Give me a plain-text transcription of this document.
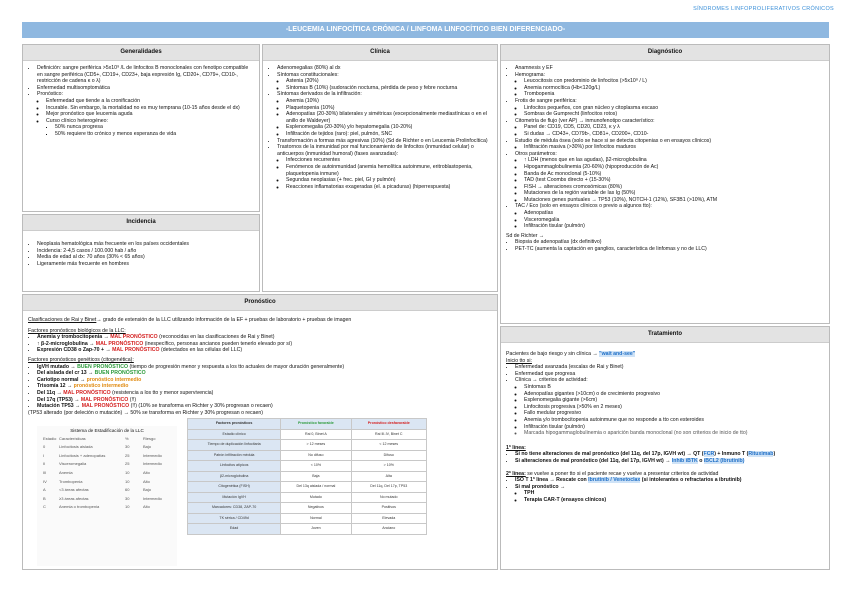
SÍNDROMES LINFOPROLIFERATIVOS CRÓNICOS
-LEUCEMIA LINFOCÍTICA CRÓNICA / LINFOMA LINFOCÍTICO BIEN DIFERENCIADO-
Generalidades
• Definición: sangre periférica >5x10⁹ /L de linfocitos B monoclonales con fenotipo compatible en sangre periférica (CD5+, CD19+, CD23+, baja expresión Ig, CD20+, CD79+, CD10-, restricción de cadena κ o λ)
• Enfermedad multisomptomática
• Pronóstico:
◦ Enfermedad que tiende a la cronificación
◦ Incurable. Sin embargo, la mortalidad no es muy temprana (10-15 años desde el dx)
◦ Mejor pronóstico que leucemia aguda
◦ Curso clínico heterogéneo:
▪ 50% nunca progresa
▪ 50% requiere tto crónico y menos esperanza de vida
Incidencia
• Neoplasia hematológica más frecuente en los países occidentales
• Incidencia: 2-4,5 casos / 100.000 hab / año
• Media de edad al dx: 70 años (30% < 65 años)
• Ligeramente más frecuente en hombres
Clínica
• Adenomegalias (80%) al dx
• Síntomas constitucionales:
◦ Astenia (20%)
◦ Síntomas B (10%) (sudoración nocturna, pérdida de peso y febre nocturna
• Síntomas derivados de la infiltración:
◦ Anemia (10%)
◦ Plaquetopenia (10%)
◦ Adenopatías (20-30%) bilaterales y simétricas (excepcionalmente mediastínicas o en el anillo de Waldeyer)
◦ Esplenomegalia (20-30%) y/o hepatomegalia (10-20%)
◦ Infiltración de tejidos (raro): piel, pulmón, SNC
• Transformación a formas más agresivas (10%) (Sd de Richter o en Leucemia Prolinfocítica)
• Trastornos de la inmunidad por mal funcionamiento de linfocitos (inmunidad celular) o anticuerpos (inmunidad humoral) (fases avanzadas):
◦ Infecciones recurrentes
◦ Fenómenos de autoinmunidad (anemia hemolítica autoinmune, eritroblastopenia, plaquetopenia inmune)
◦ Segundas neoplasias (+ frec. piel, GI y pulmón)
◦ Reacciones inflamatorias exageradas (el. a picaduras) (hiperrespuesta)
Pronóstico
Clasificaciones de Rai y Binet→ grado de extensión de la LLC utilizando información de la EF + pruebas de laboratorio + pruebas de imagen
Factores pronósticos biológicos de la LLC:
• Anemia y trombocitopenia → MAL PRONÓSTICO (reconocidas en las clasificaciones de Rai y Binet)
• ↑ β-2-microglobulina → MAL PRONÓSTICO (inespecífico, personas ancianos pueden tenerlo elevado por sí)
• Expresión CD38 o Zap-70 + → MAL PRONÓSTICO (detectados en las células del LLC)
Factores pronósticos genéticos (citogenética):
• IgVH mutado → BUEN PRONÓSTICO (tiempo de progresión menor y respuesta a los tto actuales de mayor duración generalmente)
• Del aislada del cr 13 → BUEN PRONÓSTICO
• Cariotipo normal → pronóstico intermedio
• Trisomía 12 → pronóstico intermedio
• Del 11q → MAL PRONÓSTICO (resistencia a los tto y menor supervivencia)
• Del 17q (TP53) → MAL PRONÓSTICO (!!)
• Mutación TP53 → MAL PRONÓSTICO (!!) (10% se transforma en Richter y 30% progresan o recaen)
(TP53 alterado (por deleción o mutación) → 50% se transforma en Richter y 30% progresan o recaen)
Sistema de Estadificación de la LLC
Estadio Características	%	Riesgo
0	Linfocitosis aislada	30	Bajo
I	Linfocitosis + adenopatías	25	Intermedio
II	Visceromegalia	25	Intermedio
III	Anemia	10	Alto
IV	Trombopenia	10	Alto
A	<3 áreas afectas	60	Bajo
B	≥3 áreas afectas	30	Intermedio
C	Anemia o trombopenia	10	Alto
Factores pronósticos	Pronóstico favorable	Pronóstico desfavorable
Estadio clínico	Rai 0, Binet A	Rai III-IV, Binet C
Tiempo de duplicación linfocitaria	> 12 meses	< 12 meses
Patrón infiltración médula	No difuso	Difuso
Linfocitos atípicos	< 10%	> 10%
β2-microglobulina	Baja	Alta
Citogenética (FISH)	Del 13q aislada / normal	Del 11q, Del 17p, TP53
Mutación IgVH	Mutado	No mutado
Marcadores: CD38, ZAP-70	Negativos	Positivos
TK sérica / CD49d	Normal	Elevada
Edad	Joven	Anciano
Diagnóstico
• Anamnesis y EF
• Hemograma:
◦ Leucocitosis con predominio de linfocitos (>5x10⁹ / L)
◦ Anemia normocítica (Hb<120g/L)
◦ Trombopenia
• Frotis de sangre periférica:
◦ Linfocitos pequeños, con gran núcleo y citoplasma escaso
◦ Sombras de Gumprecht (linfocitos rotos)
• Citometría de flujo (ver AP) → inmunofenotipo característico:
◦ Panel de: CD19, CD5, CD20, CD23, κ y λ
◦ Si dudas → CD43+, CD79b-, CD81+, CD200+, CD10-
• Estudio de médula ósea (solo se hace si se detecta citopenias o en ensayos clínicos)
◦ Infiltración masiva (>30%) por linfocitos maduros
• Otros parámetros:
◦ ↑ LDH (menos que en las agudas), β2-microglobulina
◦ Hipogammaglobulinemia (20-60%) (hipoproducción de Ac)
◦ Banda de Ac monoclonal (5-10%)
◦ TAD (test Coombs directo + (15-30%)
◦ FISH → alteraciones cromosómicas (80%)
◦ Mutaciones de la región variable de Ias Ig (50%)
◦ Mutaciones genes puntuales → TP53 (10%), NOTCH-1 (12%), SF3B1 (>10%), ATM
• TAC / Eco (solo en ensayos clínicos o previo a algunos tto):
◦ Adenopatías
◦ Visceromegalia
◦ Infiltración tisular (pulmón)
Sd de Richter →
• Biopsia de adenopatías (dx definitivo)
• PET-TC (aumenta la captación en ganglios, característica de linfomas y no de LLC)
Tratamiento
Pacientes de bajo riesgo y sin clínica → "wait and-see"
Inicio tto si:
• Enfermedad avanzada (escalas de Rai y Binet)
• Enfermedad que progresa
• Clínica → criterios de actividad:
◦ Síntomas B
◦ Adenopatías gigantes (>10cm) o de crecimiento progresivo
◦ Esplenomegalia gigante (>6cm)
◦ Linfocitosis progresiva (>50% en 2 meses)
◦ Fallo medular progresivo
◦ Anemia y/o trombocitopenia autoinmune que no responde a tto con esteroides
◦ Infiltración tisular (pulmón)
◦ Marcada hipogammaglobulinemia o aparición banda monoclonal (no son criterios de inicio de tto)
1ª línea:
• Si no tiene alteraciones de mal pronóstico (del 11q, del 17p, IGVH wt) → QT (FCR) + Inmuno T (Rituximab)
• Si alteraciones de mal pronóstico (del 11q, del 17p, IGVH wt) → Inhib iBTK o iBCL2 (Ibrutinib)
2ª línea: se vuelve a poner tto si el paciente recae y vuelve a presentar criterios de actividad
• ISO T 1ª línea → Rescate con Ibrutinib / Venetoclax (si intolerantes o refractarios a ibrutinib)
• Si mal pronóstico →
◦ TPH
◦ Terapia CAR-T (ensayos clínicos)
